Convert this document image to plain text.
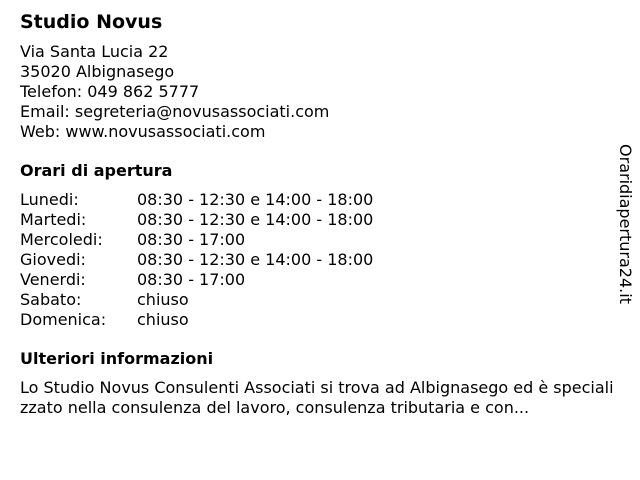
Studio Novus
Via Santa Lucia 22
35020 Albignasego
Telefon: 049 862 5777
Email: segreteria@novusassociati.com
Web: www.novusassociati.com
Orari di apertura
Lunedi:	08:30 - 12:30 e 14:00 - 18:00
Martedi:	08:30 - 12:30 e 14:00 - 18:00
Mercoledi:	08:30 - 17:00
Giovedi:	08:30 - 12:30 e 14:00 - 18:00
Venerdi:	08:30 - 17:00
Sabato:	chiuso
Domenica:	chiuso
Ulteriori informazioni
Lo Studio Novus Consulenti Associati si trova ad Albignasego ed è specializzato nella consulenza del lavoro, consulenza tributaria e con...
Oraridiapertura24.it
